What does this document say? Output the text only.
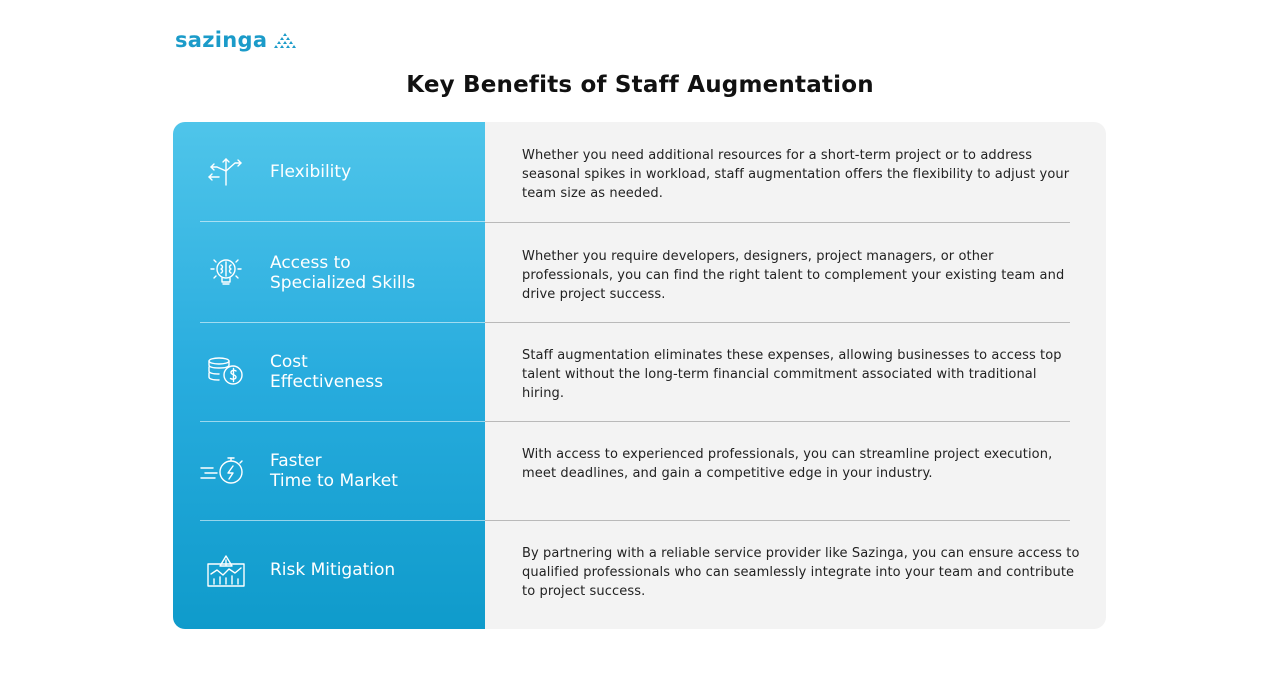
sazinga
Key Benefits of Staff Augmentation
Flexibility
Whether you need additional resources for a short-term project or to address seasonal spikes in workload, staff augmentation offers the flexibility to adjust your team size as needed.
Access to
Specialized Skills
Whether you require developers, designers, project managers, or other professionals, you can find the right talent to complement your existing team and drive project success.
Cost
Effectiveness
Staff augmentation eliminates these expenses, allowing businesses to access top talent without the long-term financial commitment associated with traditional hiring.
Faster
Time to Market
With access to experienced professionals, you can streamline project execution, meet deadlines, and gain a competitive edge in your industry.
Risk Mitigation
By partnering with a reliable service provider like Sazinga, you can ensure access to qualified professionals who can seamlessly integrate into your team and contribute to project success.
